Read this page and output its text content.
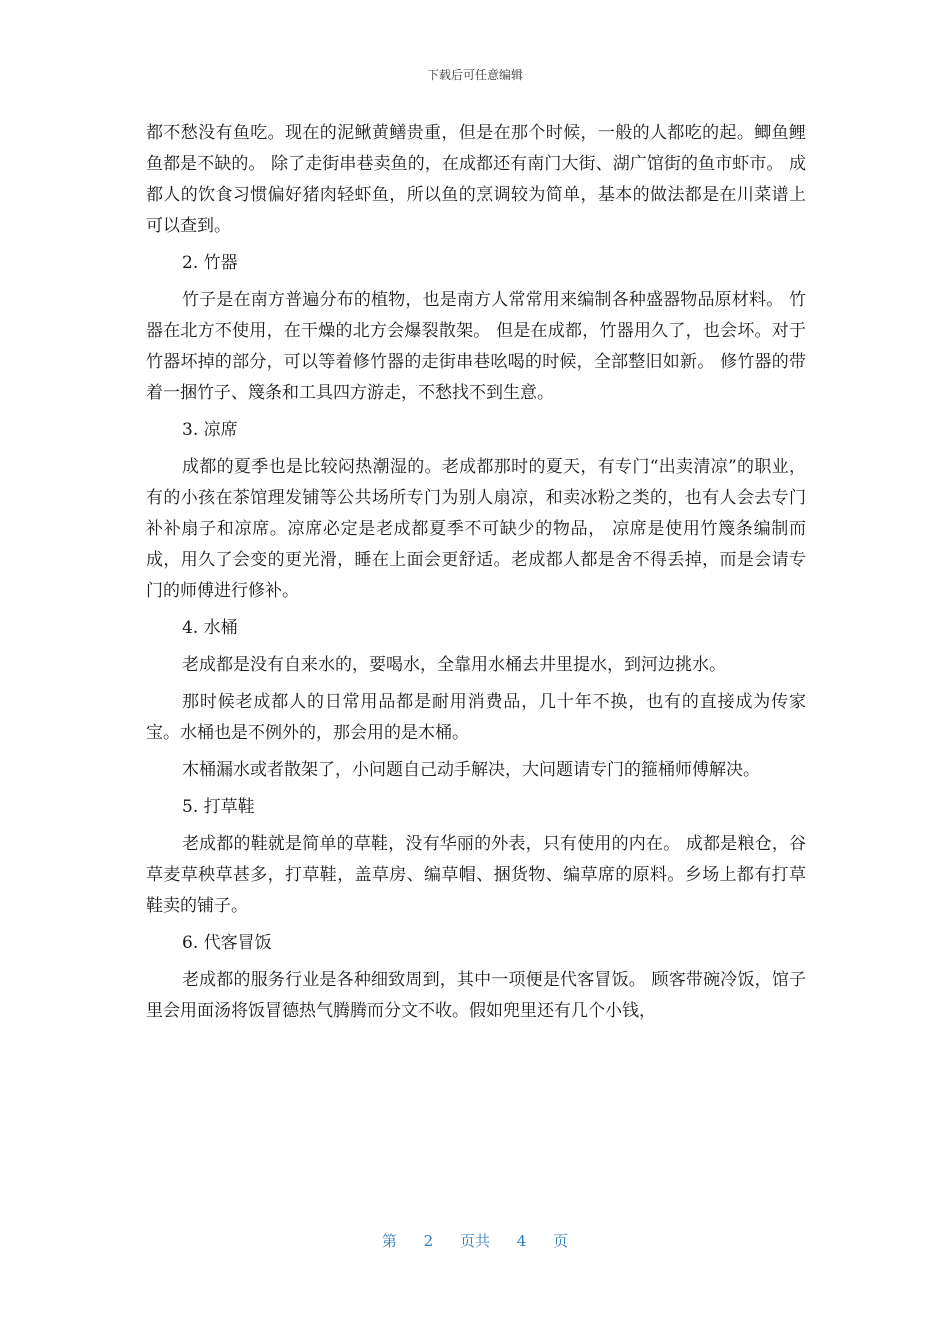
下载后可任意编辑

都不愁没有鱼吃。现在的泥鳅黄鳝贵重，但是在那个时候，一般的人都吃的起。鲫鱼鲤鱼都是不缺的。 除了走街串巷卖鱼的，在成都还有南门大街、湖广馆街的鱼市虾市。 成都人的饮食习惯偏好猪肉轻虾鱼，所以鱼的烹调较为简单，基本的做法都是在川菜谱上可以查到。

2. 竹器

竹子是在南方普遍分布的植物，也是南方人常常用来编制各种盛器物品原材料。 竹器在北方不使用，在干燥的北方会爆裂散架。 但是在成都，竹器用久了，也会坏。对于竹器坏掉的部分，可以等着修竹器的走街串巷吆喝的时候，全部整旧如新。 修竹器的带着一捆竹子、篾条和工具四方游走，不愁找不到生意。

3. 凉席

成都的夏季也是比较闷热潮湿的。老成都那时的夏天，有专门“出卖清凉”的职业，有的小孩在茶馆理发铺等公共场所专门为别人扇凉，和卖冰粉之类的，也有人会去专门补补扇子和凉席。凉席必定是老成都夏季不可缺少的物品， 凉席是使用竹篾条编制而成，用久了会变的更光滑，睡在上面会更舒适。老成都人都是舍不得丢掉，而是会请专门的师傅进行修补。

4. 水桶

老成都是没有自来水的，要喝水，全靠用水桶去井里提水，到河边挑水。

那时候老成都人的日常用品都是耐用消费品，几十年不换，也有的直接成为传家宝。水桶也是不例外的，那会用的是木桶。

木桶漏水或者散架了，小问题自己动手解决，大问题请专门的箍桶师傅解决。

5. 打草鞋

老成都的鞋就是简单的草鞋，没有华丽的外表，只有使用的内在。 成都是粮仓，谷草麦草秧草甚多，打草鞋，盖草房、编草帽、捆货物、编草席的原料。乡场上都有打草鞋卖的铺子。

6. 代客冒饭

老成都的服务行业是各种细致周到，其中一项便是代客冒饭。 顾客带碗冷饭，馆子里会用面汤将饭冒德热气腾腾而分文不收。假如兜里还有几个小钱，

第 2 页共 4 页
